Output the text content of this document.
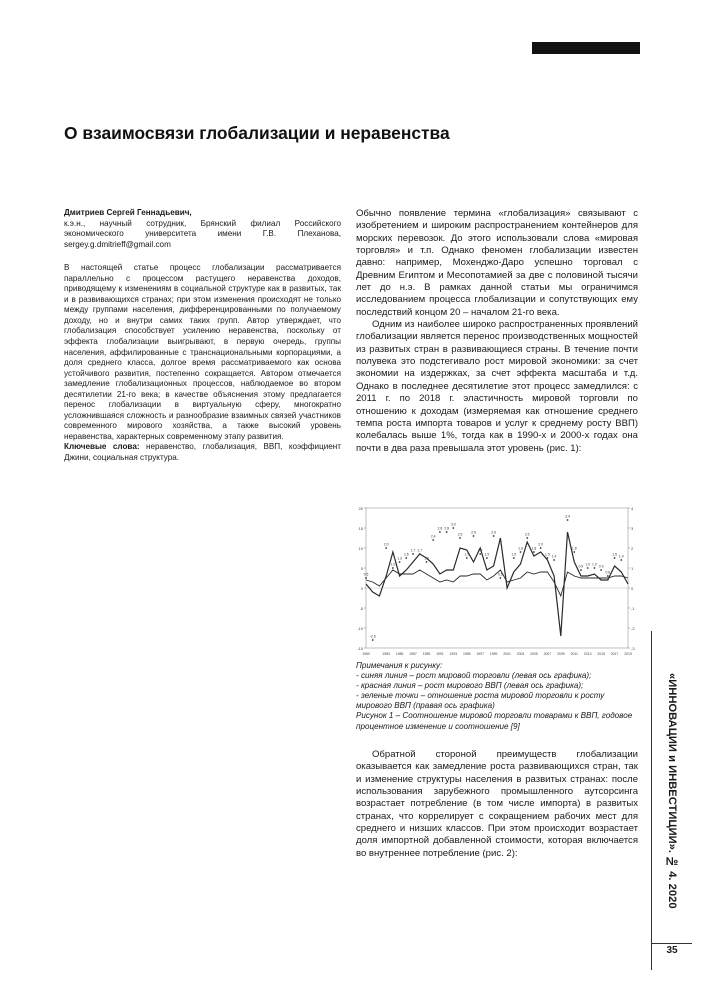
О взаимосвязи глобализации и неравенства

Дмитриев Сергей Геннадьевич,

к.э.н., научный сотрудник, Брянский филиал Российского экономического университета имени Г.В. Плеханова, sergey.g.dmitrieff@gmail.com

В настоящей статье процесс глобализации рассматривается параллельно с процессом растущего неравенства доходов, приводящему к изменениям в социальной структуре как в развитых, так и в развивающихся странах; при этом изменения происходят не только между группами населения, дифференцированными по получаемому доходу, но и внутри самих таких групп. Автор утверждает, что глобализация способствует усилению неравенства, поскольку от эффекта глобализации выигрывают, в первую очередь, группы населения, аффилированные с транснациональными корпорациями, а доля среднего класса, долгое время рассматриваемого как основа устойчивого развития, постепенно сокращается. Автором отмечается замедление глобализационных процессов, наблюдаемое во втором десятилетии 21-го века; в качестве объяснения этому предлагается перенос глобализации в виртуальную сферу, многократно усложнившаяся сложность и разнообразие взаимных связей участников современного мирового хозяйства, а также высокий уровень неравенства, характерных современному этапу развития.

Ключевые слова: неравенство, глобализация, ВВП, коэффициент Джини, социальная структура.

Обычно появление термина «глобализация» связывают с изобретением и широким распространением контейнеров для морских перевозок. До этого использовали слова «мировая торговля» и т.п. Однако феномен глобализации известен давно: например, Мохенджо-Даро успешно торговал с Древним Египтом и Месопотамией за две с половиной тысячи лет до н.э. В рамках данной статьи мы ограничимся исследованием процесса глобализации и сопутствующих ему последствий концом 20 – началом 21-го века.

Одним из наиболее широко распространенных проявлений глобализации является перенос производственных мощностей из развитых стран в развивающиеся страны. В течение почти полувека это подстегивало рост мировой экономики: за счет экономии на издержках, за счет эффекта масштаба и т.д. Однако в последнее десятилетие этот процесс замедлился: с 2011 г. по 2018 г. эластичность мировой торговли по отношению к доходам (измеряемая как отношение среднего темпа роста импорта товаров и услуг к среднему росту ВВП) колебалась выше 1%, тогда как в 1990-х и 2000-х годах она почти в два раза превышала этот уровень (рис. 1):

20
15
10
5
0
-5
-10
-15
4
3
2
1
0
-1
-2
-3
1980	1983 1985 1987 1989 1991 1993 1995 1997 1999 2001 2003 2005 2007 2009 2011 2013 2015 2017 2019
0.5
-2.6
2.0
1.0
1.3
1.5
1.7 1.7
1.3
2.4
2.8 2.8
3.0
2.5
1.5
2.6
1.7
1.5
2.6
0.5
1.5
1.8
2.5
1.8
2.0
1.5 1.4
3.4
1.8
0.9 1.0 1.0 0.9
0.6
1.5 1.4

Примечания к рисунку:

- синяя линия – рост мировой торговли (левая ось графика);

- красная линия – рост мирового ВВП (левая ось графика);

- зеленые точки – отношение роста мировой торговли к росту мирового ВВП (правая ось графика)

Рисунок 1 – Соотношение мировой торговли товарами к ВВП, годовое процентное изменение и соотношение [9]

Обратной стороной преимуществ глобализации оказывается как замедление роста развивающихся стран, так и изменение структуры населения в развитых странах: после использования зарубежного промышленного аутсорсинга возрастает потребление (в том числе импорта) в развитых странах, что коррелирует с сокращением рабочих мест для среднего и низших классов. При этом происходит возрастает доля импортной добавленной стоимости, которая включается во внутреннее потребление (рис. 2):	«ИННОВАЦИИ и ИНВЕСТИЦИИ». № 4. 2020
35
